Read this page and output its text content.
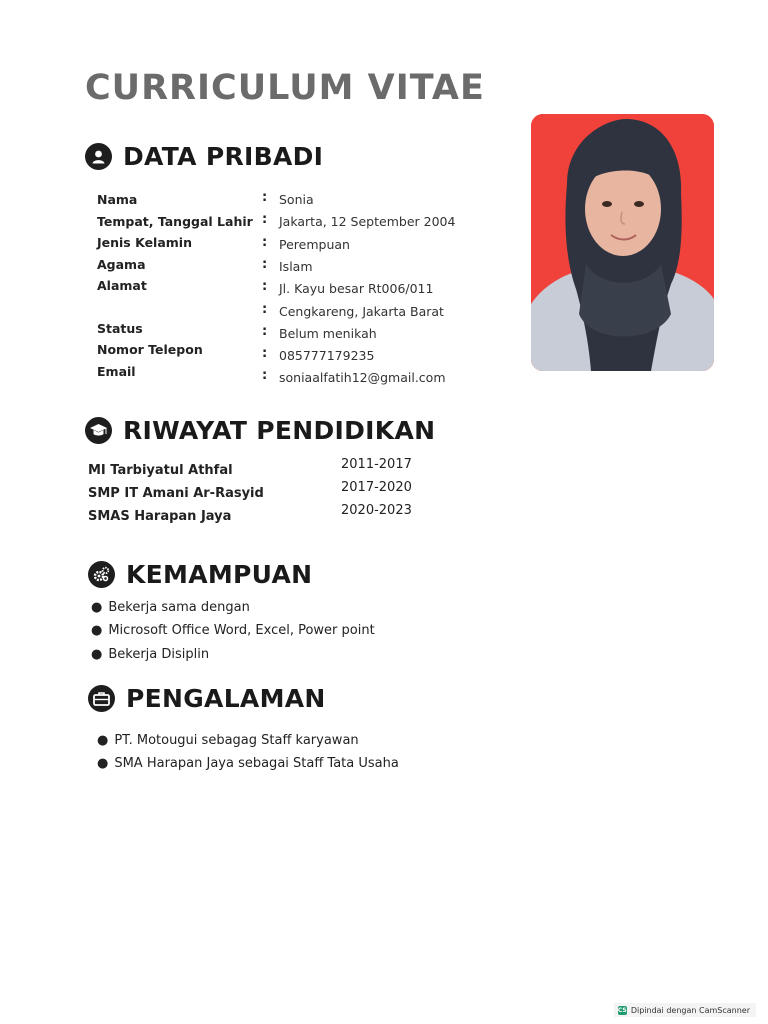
CURRICULUM VITAE
DATA PRIBADI
Nama	: Sonia
Tempat, Tanggal Lahir : Jakarta, 12 September 2004
Jenis Kelamin	: Perempuan
Agama	: Islam
Alamat	: Jl. Kayu besar Rt006/011
: Cengkareng, Jakarta Barat
Status	: Belum menikah
Nomor Telepon	: 085777179235
Email	: soniaalfatih12@gmail.com
RIWAYAT PENDIDIKAN
MI Tarbiyatul Athfal	2011-2017
SMP IT Amani Ar-Rasyid	2017-2020
SMAS Harapan Jaya	2020-2023
KEMAMPUAN
● Bekerja sama dengan
● Microsoft Office Word, Excel, Power point
● Bekerja Disiplin
PENGALAMAN
● PT. Motougui sebagag Staff karyawan
● SMA Harapan Jaya sebagai Staff Tata Usaha
CS Dipindai dengan CamScanner
